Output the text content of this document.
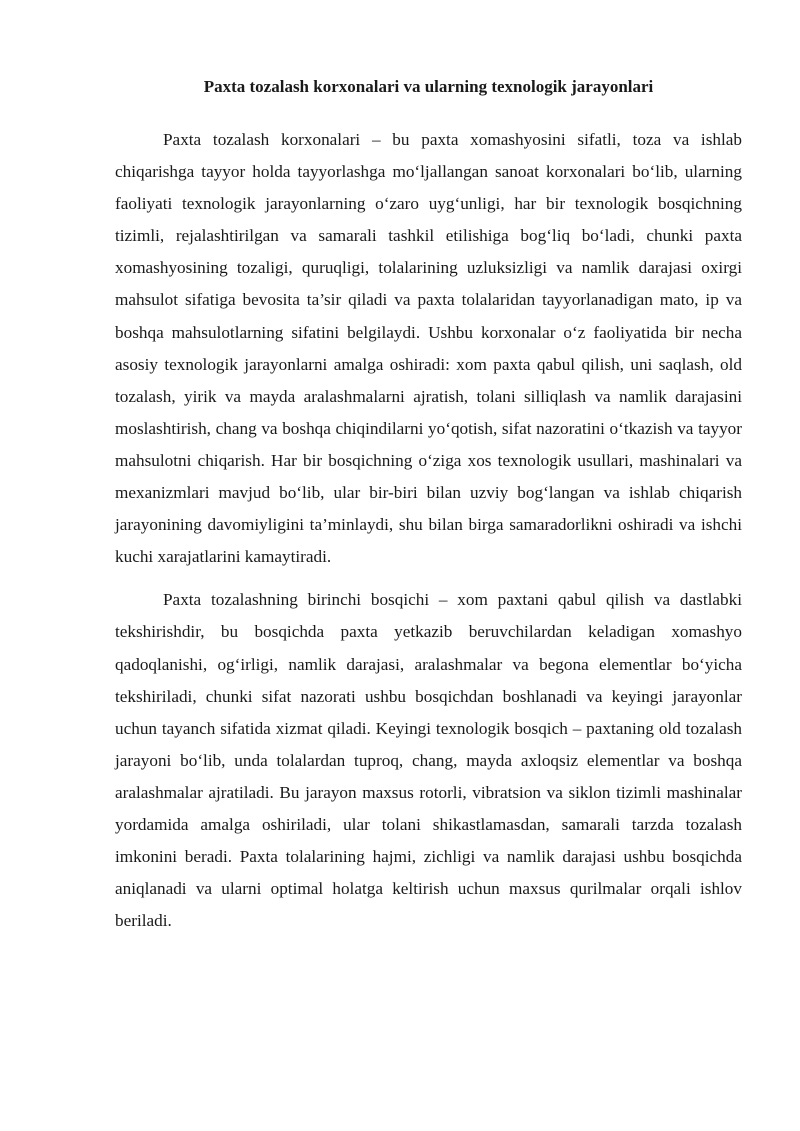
Paxta tozalash korxonalari va ularning texnologik jarayonlari

Paxta tozalash korxonalari – bu paxta xomashyosini sifatli, toza va ishlab chiqarishga tayyor holda tayyorlashga mo‘ljallangan sanoat korxonalari bo‘lib, ularning faoliyati texnologik jarayonlarning o‘zaro uyg‘unligi, har bir texnologik bosqichning tizimli, rejalashtirilgan va samarali tashkil etilishiga bog‘liq bo‘ladi, chunki paxta xomashyosining tozaligi, quruqligi, tolalarining uzluksizligi va namlik darajasi oxirgi mahsulot sifatiga bevosita ta’sir qiladi va paxta tolalaridan tayyorlanadigan mato, ip va boshqa mahsulotlarning sifatini belgilaydi. Ushbu korxonalar o‘z faoliyatida bir necha asosiy texnologik jarayonlarni amalga oshiradi: xom paxta qabul qilish, uni saqlash, old tozalash, yirik va mayda aralashmalarni ajratish, tolani silliqlash va namlik darajasini moslashtirish, chang va boshqa chiqindilarni yo‘qotish, sifat nazoratini o‘tkazish va tayyor mahsulotni chiqarish. Har bir bosqichning o‘ziga xos texnologik usullari, mashinalari va mexanizmlari mavjud bo‘lib, ular bir-biri bilan uzviy bog‘langan va ishlab chiqarish jarayonining davomiyligini ta’minlaydi, shu bilan birga samaradorlikni oshiradi va ishchi kuchi xarajatlarini kamaytiradi.

Paxta tozalashning birinchi bosqichi – xom paxtani qabul qilish va dastlabki tekshirishdir, bu bosqichda paxta yetkazib beruvchilardan keladigan xomashyo qadoqlanishi, og‘irligi, namlik darajasi, aralashmalar va begona elementlar bo‘yicha tekshiriladi, chunki sifat nazorati ushbu bosqichdan boshlanadi va keyingi jarayonlar uchun tayanch sifatida xizmat qiladi. Keyingi texnologik bosqich – paxtaning old tozalash jarayoni bo‘lib, unda tolalardan tuproq, chang, mayda axloqsiz elementlar va boshqa aralashmalar ajratiladi. Bu jarayon maxsus rotorli, vibratsion va siklon tizimli mashinalar yordamida amalga oshiriladi, ular tolani shikastlamasdan, samarali tarzda tozalash imkonini beradi. Paxta tolalarining hajmi, zichligi va namlik darajasi ushbu bosqichda aniqlanadi va ularni optimal holatga keltirish uchun maxsus qurilmalar orqali ishlov beriladi.
